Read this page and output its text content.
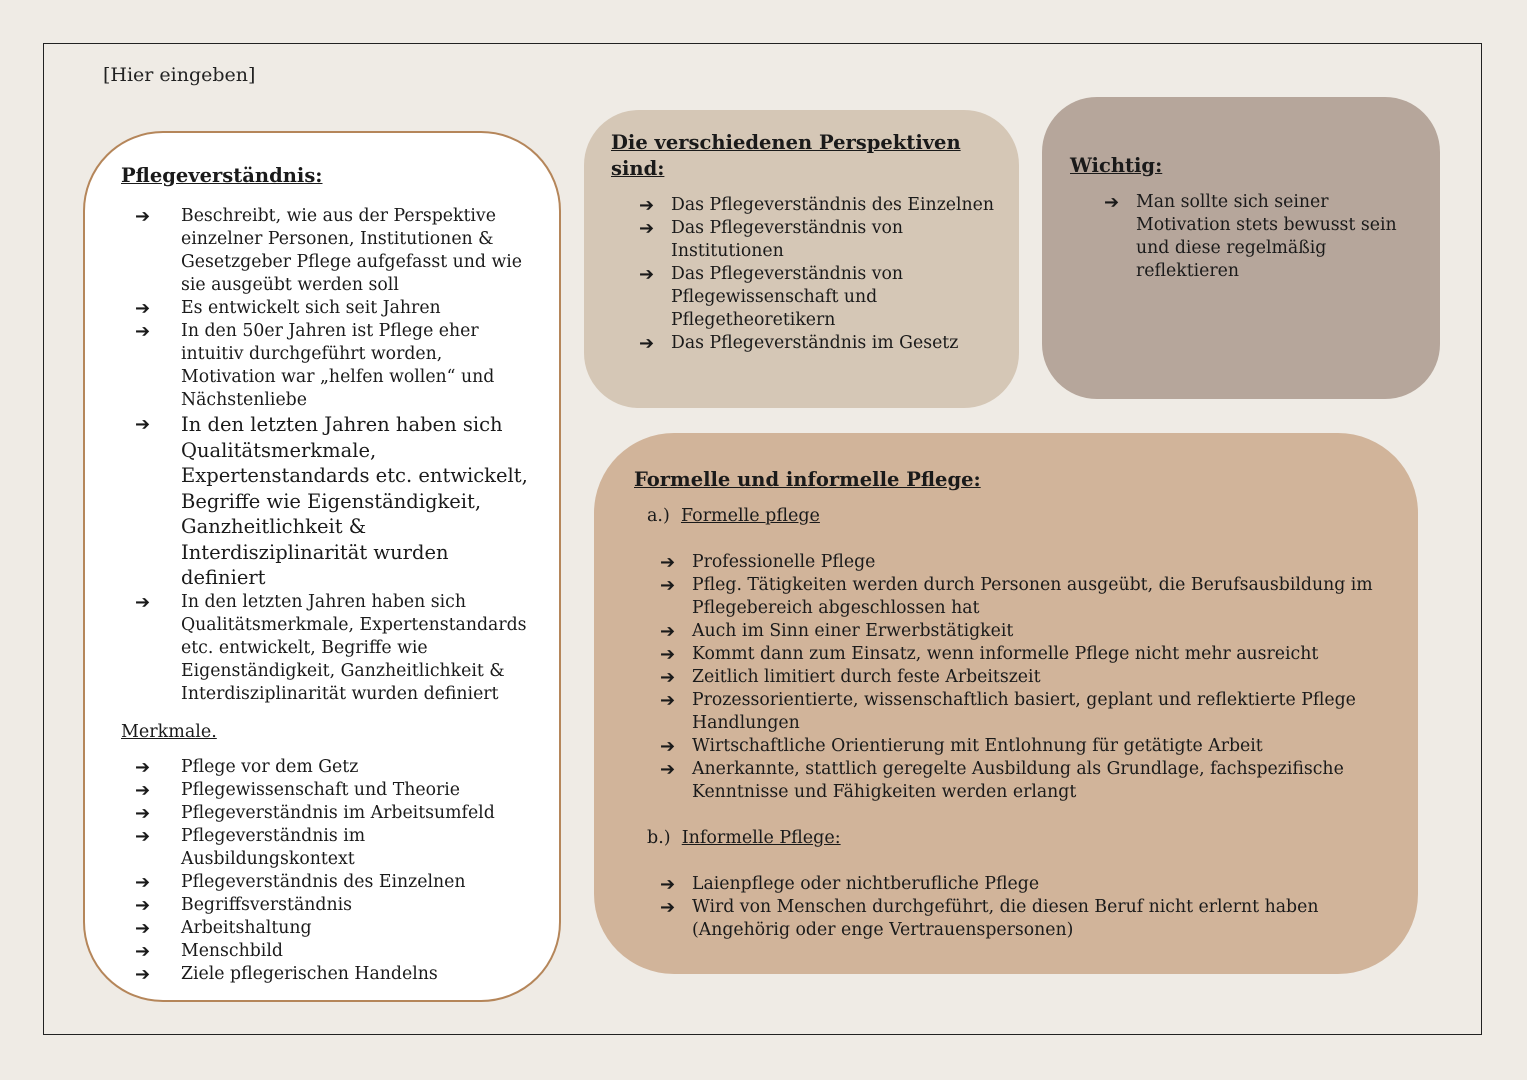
[Hier eingeben]

Pflegeverständnis:

➔ Beschreibt, wie aus der Perspektive einzelner Personen, Institutionen & Gesetzgeber Pflege aufgefasst und wie sie ausgeübt werden soll
➔ Es entwickelt sich seit Jahren
➔ In den 50er Jahren ist Pflege eher intuitiv durchgeführt worden, Motivation war „helfen wollen“ und Nächstenliebe
➔ In den letzten Jahren haben sich Qualitätsmerkmale, Expertenstandards etc. entwickelt, Begriffe wie Eigenständigkeit, Ganzheitlichkeit & Interdisziplinarität wurden definiert
➔ In den letzten Jahren haben sich Qualitätsmerkmale, Expertenstandards etc. entwickelt, Begriffe wie Eigenständigkeit, Ganzheitlichkeit & Interdisziplinarität wurden definiert
Merkmale.
➔ Pflege vor dem Getz
➔ Pflegewissenschaft und Theorie
➔ Pflegeverständnis im Arbeitsumfeld
➔ Pflegeverständnis im Ausbildungskontext
➔ Pflegeverständnis des Einzelnen
➔ Begriffsverständnis
➔ Arbeitshaltung
➔ Menschbild
➔ Ziele pflegerischen Handelns

Die verschiedenen Perspektiven sind:

➔ Das Pflegeverständnis des Einzelnen
➔ Das Pflegeverständnis von Institutionen
➔ Das Pflegeverständnis von Pflegewissenschaft und Pflegetheoretikern
➔ Das Pflegeverständnis im Gesetz

Wichtig:

➔ Man sollte sich seiner Motivation stets bewusst sein und diese regelmäßig reflektieren

Formelle und informelle Pflege:

a.) Formelle pflege
➔ Professionelle Pflege
➔ Pfleg. Tätigkeiten werden durch Personen ausgeübt, die Berufsausbildung im Pflegebereich abgeschlossen hat
➔ Auch im Sinn einer Erwerbstätigkeit
➔ Kommt dann zum Einsatz, wenn informelle Pflege nicht mehr ausreicht
➔ Zeitlich limitiert durch feste Arbeitszeit
➔ Prozessorientierte, wissenschaftlich basiert, geplant und reflektierte Pflege Handlungen
➔ Wirtschaftliche Orientierung mit Entlohnung für getätigte Arbeit
➔ Anerkannte, stattlich geregelte Ausbildung als Grundlage, fachspezifische Kenntnisse und Fähigkeiten werden erlangt
b.) Informelle Pflege:
➔ Laienpflege oder nichtberufliche Pflege
➔ Wird von Menschen durchgeführt, die diesen Beruf nicht erlernt haben (Angehörig oder enge Vertrauenspersonen)
